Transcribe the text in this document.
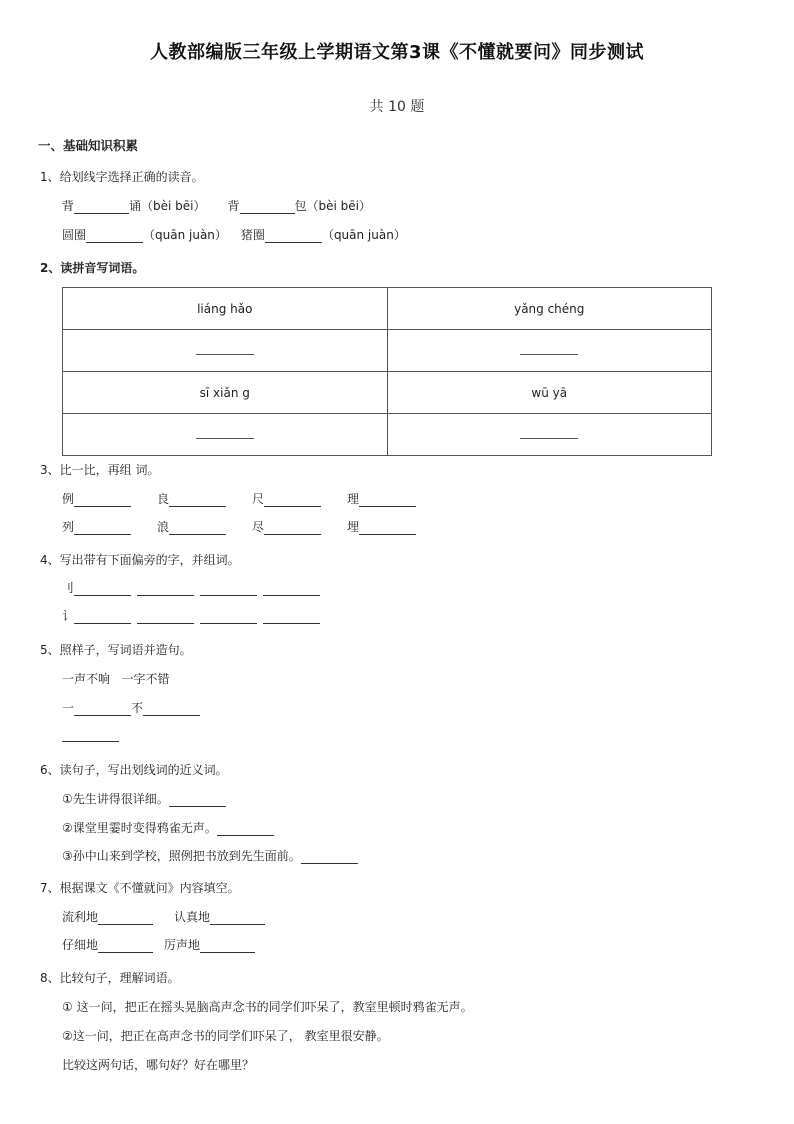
人教部编版三年级上学期语文第3课《不懂就要问》同步测试
共 10 题
一、基础知识积累
1、给划线字选择正确的读音。
背	诵（bèi bēi） 背	包（bèi bēi）
圆圈	（quān juàn） 猪圈	（quān juàn）
2、读拼音写词语。
liáng hǎo	yǎng chéng

sī xiǎn g	wū yā

3、比一比，再组 词。
例	良	尺	理
列	浪	尽	埋
4、写出带有下面偏旁的字，并组词。
刂
讠
5、照样子，写词语并造句。
一声不响   一字不错
一	不
6、读句子，写出划线词的近义词。
①先生讲得很详细。
②课堂里霎时变得鸦雀无声。
③孙中山来到学校，照例把书放到先生面前。
7、根据课文《不懂就问》内容填空。
流利地	认真地
仔细地	厉声地
8、比较句子，理解词语。
① 这一问，把正在摇头晃脑高声念书的同学们吓呆了，教室里顿时鸦雀无声。
②这一问，把正在高声念书的同学们吓呆了， 教室里很安静。
比较这两句话，哪句好？好在哪里？
